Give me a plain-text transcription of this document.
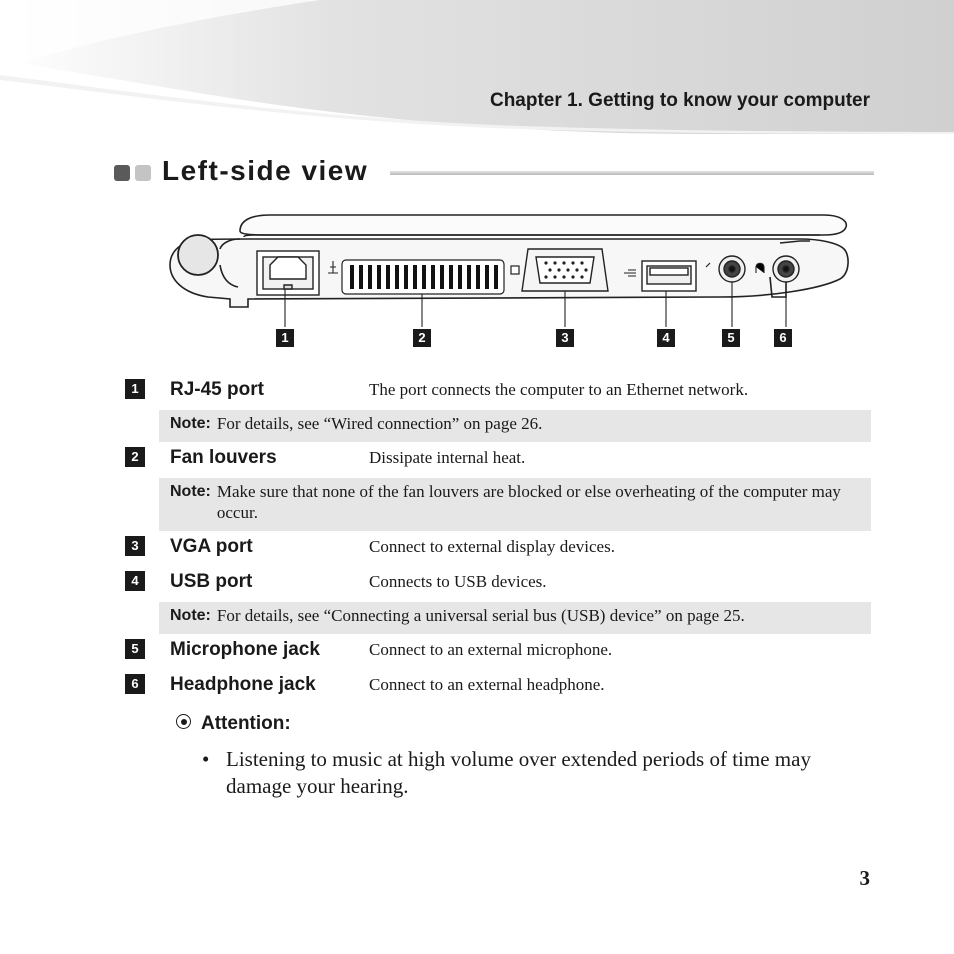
Chapter 1. Getting to know your computer
Left-side view
1	2	3	4	5	6
1	RJ-45 port	The port connects the computer to an Ethernet network.
Note: For details, see “Wired connection” on page 26.
2	Fan louvers	Dissipate internal heat.
Note: Make sure that none of the fan louvers are blocked or else overheating of the computer may occur.
3	VGA port	Connect to external display devices.
4	USB port	Connects to USB devices.
Note: For details, see “Connecting a universal serial bus (USB) device” on page 25.
5	Microphone jack	Connect to an external microphone.
6	Headphone jack	Connect to an external headphone.
Attention:
• Listening to music at high volume over extended periods of time may damage your hearing.
3
